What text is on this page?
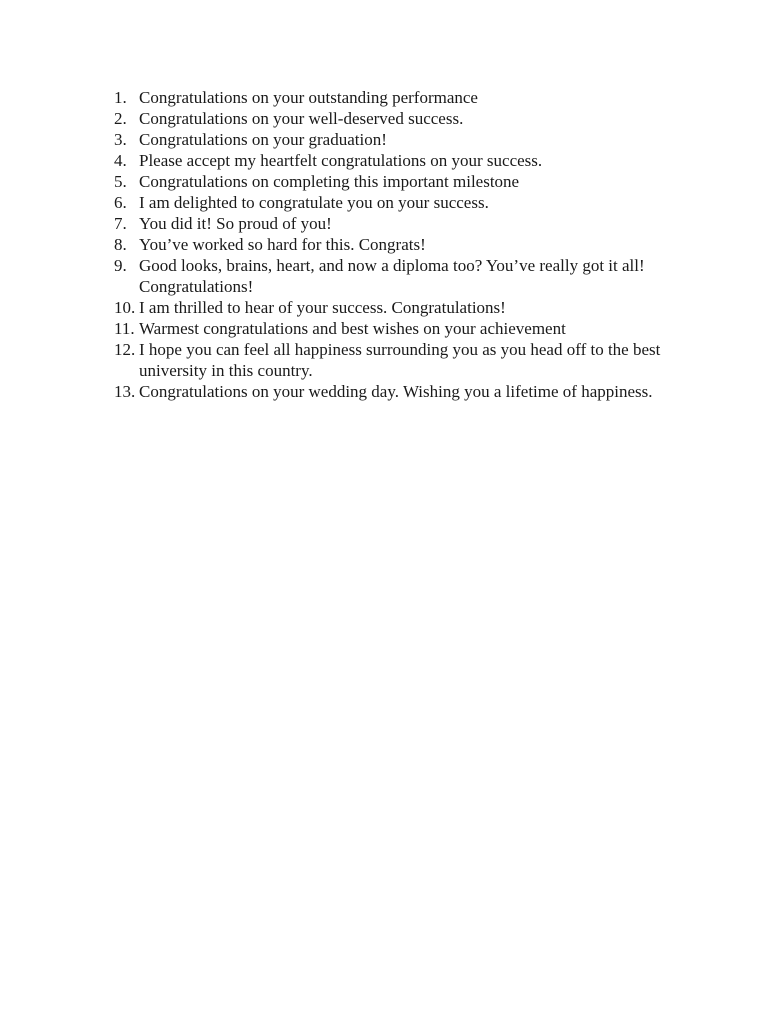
1. Congratulations on your outstanding performance
2. Congratulations on your well-deserved success.
3. Congratulations on your graduation!
4. Please accept my heartfelt congratulations on your success.
5. Congratulations on completing this important milestone
6. I am delighted to congratulate you on your success.
7. You did it! So proud of you!
8. You’ve worked so hard for this. Congrats!
9. Good looks, brains, heart, and now a diploma too? You’ve really got it all! Congratulations!
10. I am thrilled to hear of your success. Congratulations!
11. Warmest congratulations and best wishes on your achievement
12. I hope you can feel all happiness surrounding you as you head off to the best university in this country.
13. Congratulations on your wedding day. Wishing you a lifetime of happiness.
